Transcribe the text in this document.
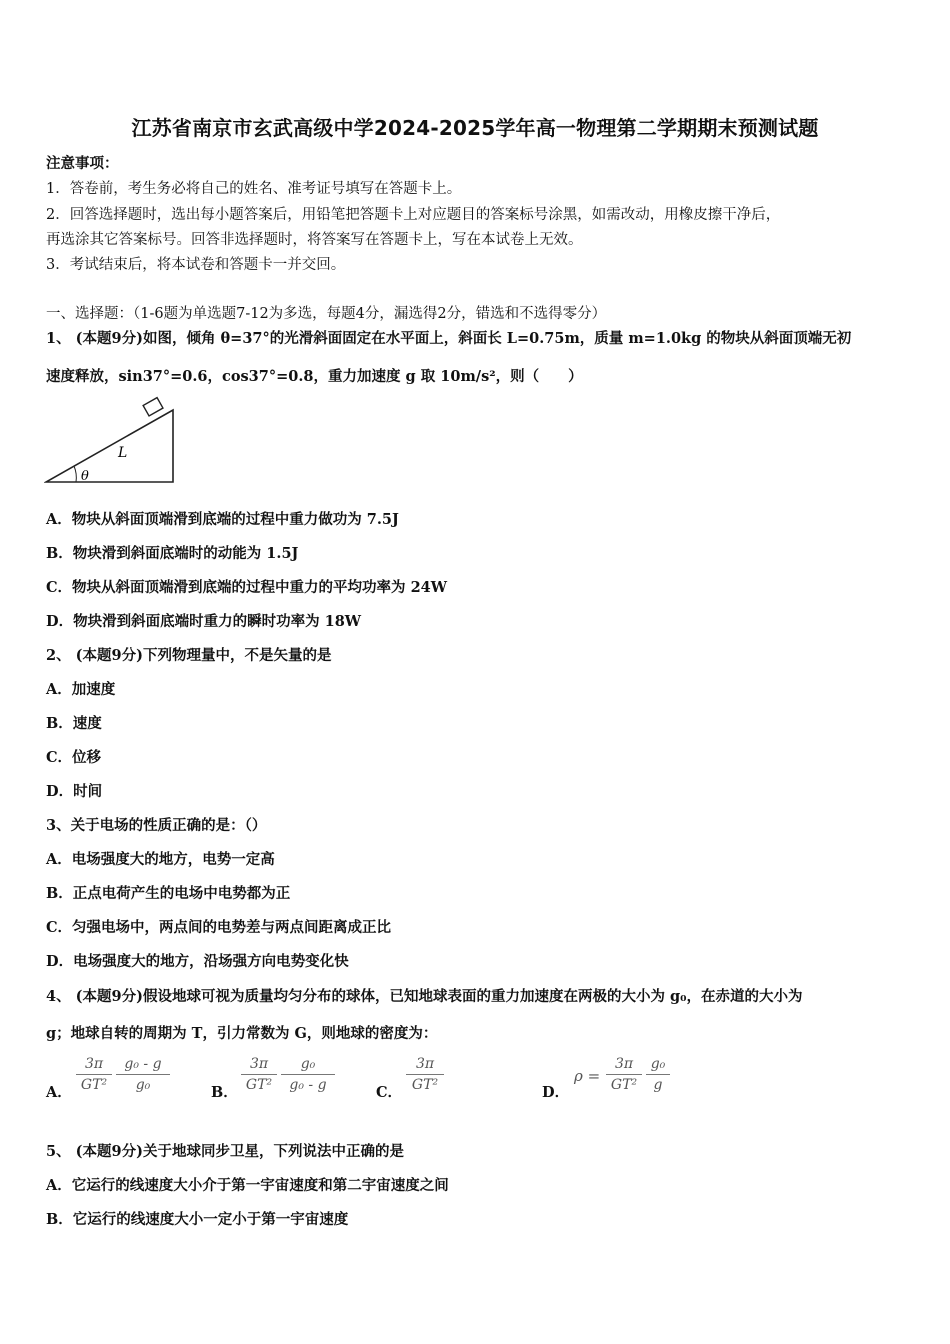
江苏省南京市玄武高级中学2024-2025学年高一物理第二学期期末预测试题
注意事项：
1．答卷前，考生务必将自己的姓名、准考证号填写在答题卡上。
2．回答选择题时，选出每小题答案后，用铅笔把答题卡上对应题目的答案标号涂黑，如需改动，用橡皮擦干净后，
再选涂其它答案标号。回答非选择题时，将答案写在答题卡上，写在本试卷上无效。
3．考试结束后，将本试卷和答题卡一并交回。
一、选择题：（1-6题为单选题7-12为多选，每题4分，漏选得2分，错选和不选得零分）
1、 (本题9分)如图，倾角 θ=37°的光滑斜面固定在水平面上，斜面长 L=0.75m，质量 m=1.0kg 的物块从斜面顶端无初
速度释放，sin37°=0.6，cos37°=0.8，重力加速度 g 取 10m/s²，则（　　）
L
θ
A．物块从斜面顶端滑到底端的过程中重力做功为 7.5J
B．物块滑到斜面底端时的动能为 1.5J
C．物块从斜面顶端滑到底端的过程中重力的平均功率为 24W
D．物块滑到斜面底端时重力的瞬时功率为 18W
2、 (本题9分)下列物理量中，不是矢量的是
A．加速度
B．速度
C．位移
D．时间
3、关于电场的性质正确的是：（）
A．电场强度大的地方，电势一定高
B．正点电荷产生的电场中电势都为正
C．匀强电场中，两点间的电势差与两点间距离成正比
D．电场强度大的地方，沿场强方向电势变化快
4、 (本题9分)假设地球可视为质量均匀分布的球体，已知地球表面的重力加速度在两极的大小为 g₀，在赤道的大小为
g；地球自转的周期为 T，引力常数为 G，则地球的密度为：
A． $\frac{3\pi}{\text{GT²}} \frac{\text{g₀ - g}}{\text{g₀}}$	B． $\frac{3\pi}{\text{GT²}} \frac{\text{g₀}}{\text{g₀ - g}}$	C． $\frac{3\pi}{\text{GT²}}$	D．
$\rho = \frac{3\pi}{\text{GT²}} \frac{\text{g₀}}{g}$
5、 (本题9分)关于地球同步卫星，下列说法中正确的是
A．它运行的线速度大小介于第一宇宙速度和第二宇宙速度之间
B．它运行的线速度大小一定小于第一宇宙速度
